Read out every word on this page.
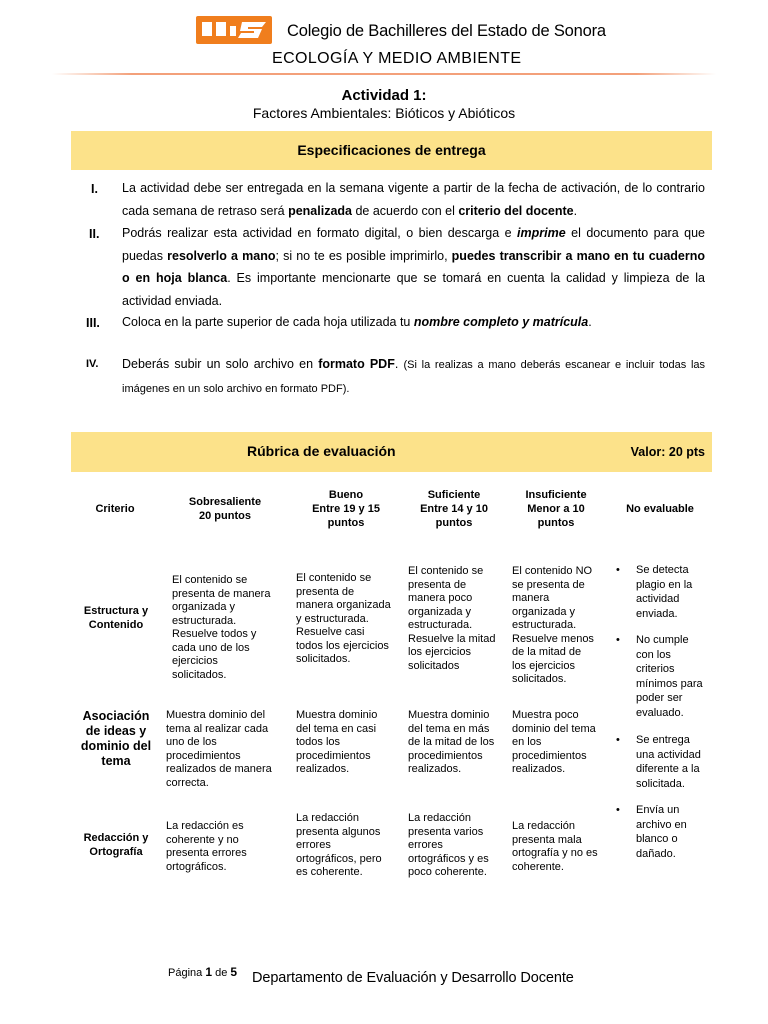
Colegio de Bachilleres del Estado de Sonora
ECOLOGÍA Y MEDIO AMBIENTE
Actividad 1:
Factores Ambientales: Bióticos y Abióticos
Especificaciones de entrega
I. La actividad debe ser entregada en la semana vigente a partir de la fecha de activación, de lo contrario cada semana de retraso será penalizada de acuerdo con el criterio del docente.
II. Podrás realizar esta actividad en formato digital, o bien descarga e imprime el documento para que puedas resolverlo a mano; si no te es posible imprimirlo, puedes transcribir a mano en tu cuaderno o en hoja blanca. Es importante mencionarte que se tomará en cuenta la calidad y limpieza de la actividad enviada.
III. Coloca en la parte superior de cada hoja utilizada tu nombre completo y matrícula.
IV. Deberás subir un solo archivo en formato PDF. (Si la realizas a mano deberás escanear e incluir todas las imágenes en un solo archivo en formato PDF).
Rúbrica de evaluación	Valor: 20 pts
Criterio
Sobresaliente
20 puntos
Bueno
Entre 19 y 15
puntos
Suficiente
Entre 14 y 10
puntos
Insuficiente
Menor a 10
puntos
No evaluable
Estructura y
Contenido
El contenido se
presenta de manera
organizada y
estructurada.
Resuelve todos y
cada uno de los
ejercicios
solicitados.
El contenido se
presenta de
manera organizada
y estructurada.
Resuelve casi
todos los ejercicios
solicitados.
El contenido se
presenta de
manera poco
organizada y
estructurada.
Resuelve la mitad
los ejercicios
solicitados
El contenido NO
se presenta de
manera
organizada y
estructurada.
Resuelve menos
de la mitad de
los ejercicios
solicitados.
Asociación
de ideas y
dominio del
tema
Muestra dominio del
tema al realizar cada
uno de los
procedimientos
realizados de manera
correcta.
Muestra dominio
del tema en casi
todos los
procedimientos
realizados.
Muestra dominio
del tema en más
de la mitad de los
procedimientos
realizados.
Muestra poco
dominio del tema
en los
procedimientos
realizados.
Redacción y
Ortografía
La redacción es
coherente y no
presenta errores
ortográficos.
La redacción
presenta algunos
errores
ortográficos, pero
es coherente.
La redacción
presenta varios
errores
ortográficos y es
poco coherente.
La redacción
presenta mala
ortografía y no es
coherente.
• Se detecta
plagio en la
actividad
enviada.
• No cumple
con los
criterios
mínimos para
poder ser
evaluado.
• Se entrega
una actividad
diferente a la
solicitada.
• Envía un
archivo en
blanco o
dañado.
Página 1 de 5 Departamento de Evaluación y Desarrollo Docente
